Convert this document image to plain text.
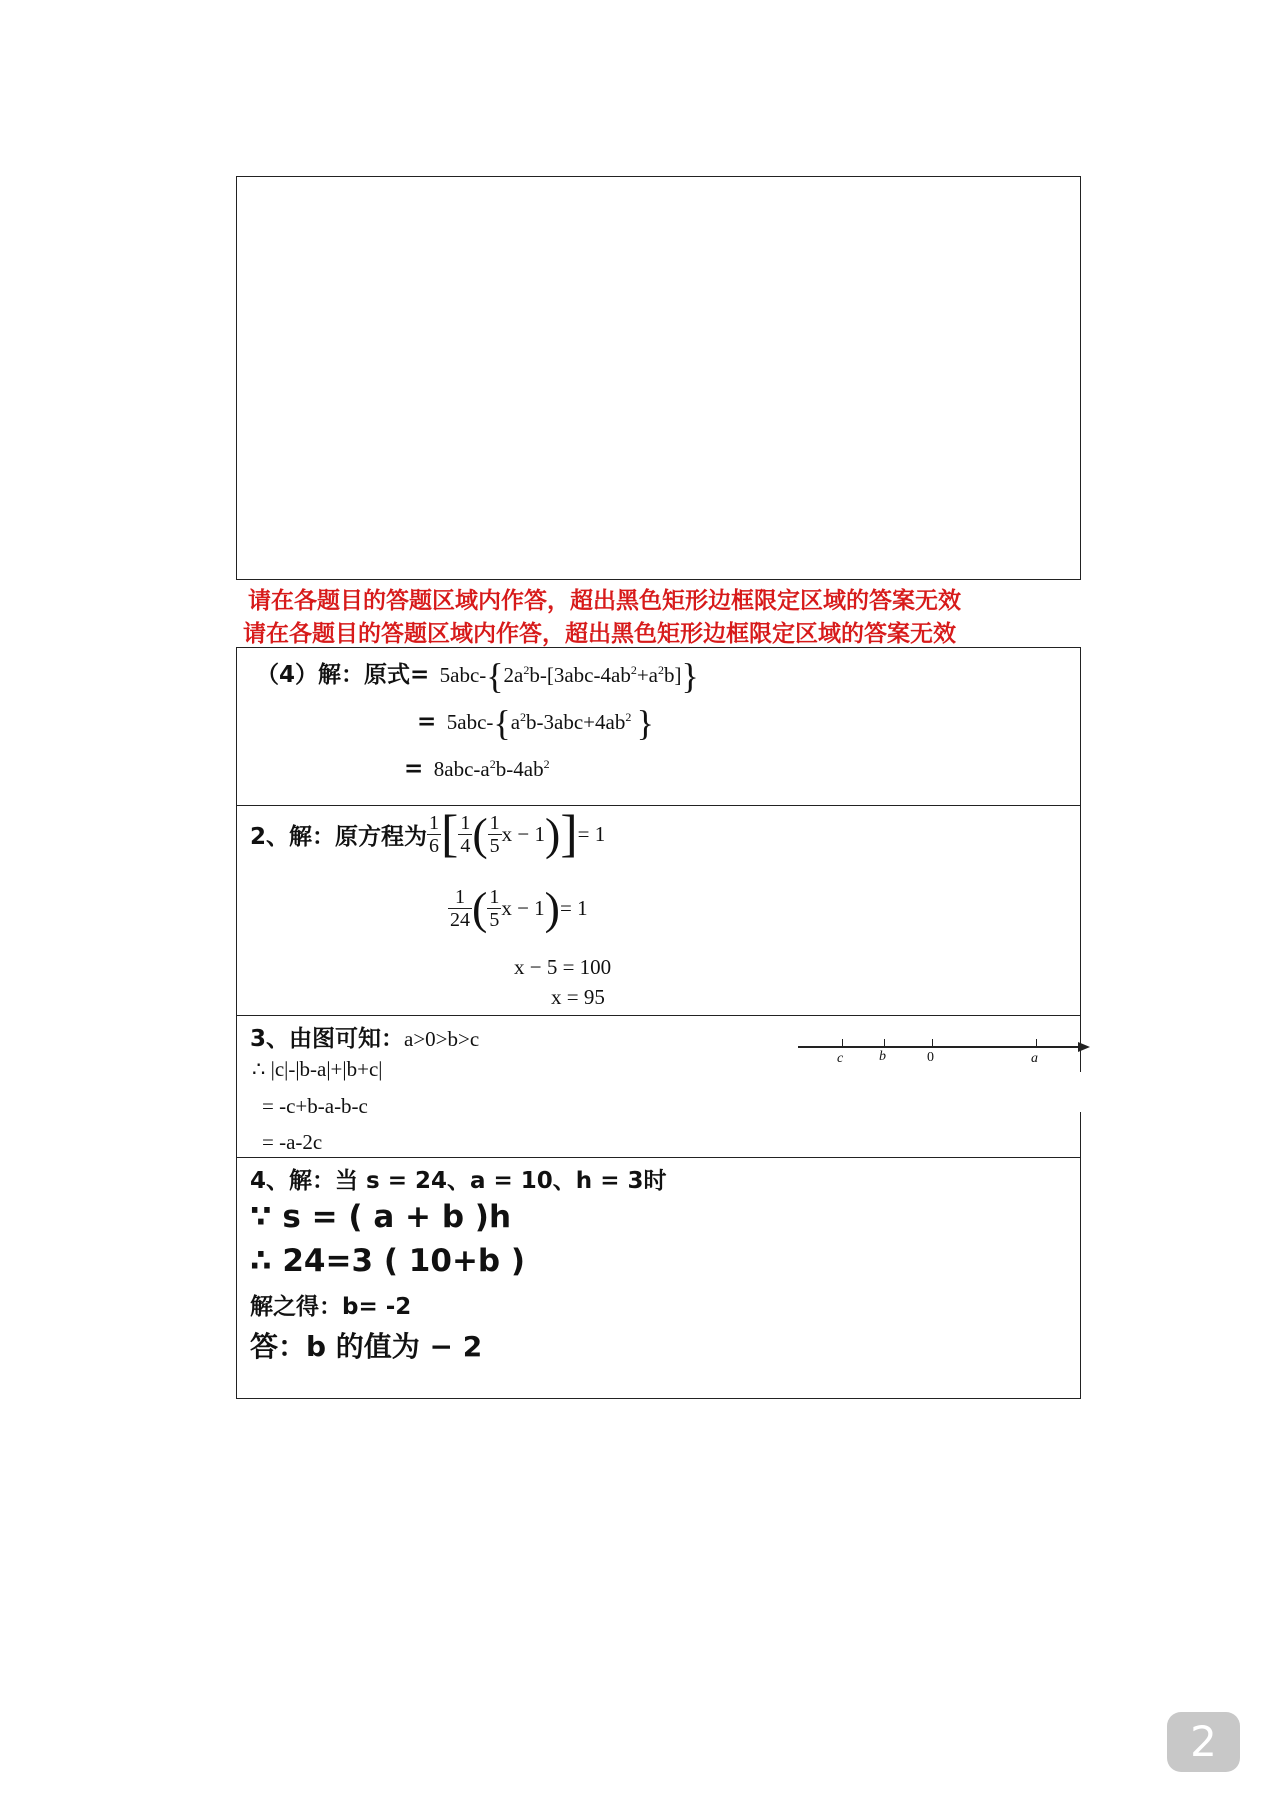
请在各题目的答题区域内作答，超出黑色矩形边框限定区域的答案无效
请在各题目的答题区域内作答，超出黑色矩形边框限定区域的答案无效
（4）解：原式= $5abc-\{2a^2b-[3abc-4ab^2+a^2b]\}$
= $5abc-\{a^2b-3abc+4ab^2$ }
= $8abc-a^2b-4ab^2$
2、解：原方程为 $\frac{1}{6}$ [ $\frac{1}{4}$ ( $\frac{1}{5}$ x − 1)]= 1
$\frac{1}{24}$ ( $\frac{1}{5}$ x − 1)= 1
x − 5 = 100
x = 95
3、由图可知：a>0>b>c
∴ |c|-|b-a|+|b+c|
= -c+b-a-b-c
= -a-2c
c	b	0	a
4、解：当 s = 24、a = 10、h = 3时
∵ s = ( a + b )h
∴ 24=3 ( 10+b )
解之得：b= -2
答：b 的值为 − 2
2
